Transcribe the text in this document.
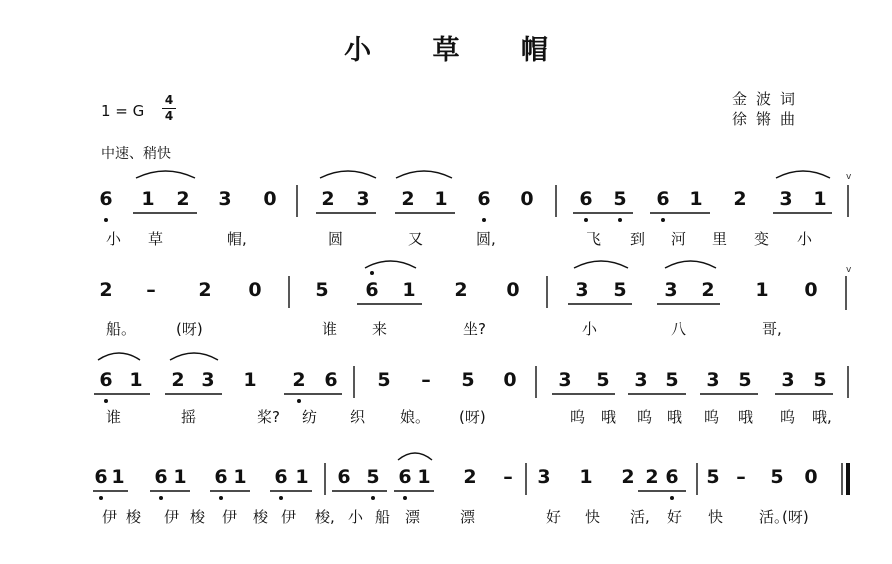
小 草 帽
1 = G
4
4
中速、稍快
金波词
徐锵曲
6 1 2 3 0 2 3 2 1 6 0 6 5 6 1 2 3 1
2 – 2 0	5 6 1 2 0	3 5 3 2 1 0
6 1 2 3 1 2 6 5 – 5 0 3 5 3 5 3 5 3 5
6 1 6 1 6 1 6 1 6 5 6 1 2 – 3 1 2 2 6 5 – 5 0
小 草	帽,	圆	又	圆,	飞 到 河 里 变 小
船。	(呀)	谁 来	坐?	小	八	哥,
谁	摇	桨? 纺 织 娘。 (呀)	呜 哦 呜 哦 呜 哦 呜 哦,
伊 梭 伊 梭 伊 梭 伊 梭, 小 船 漂	漂	好 快 活, 好 快 活。
(呀)
v
v
